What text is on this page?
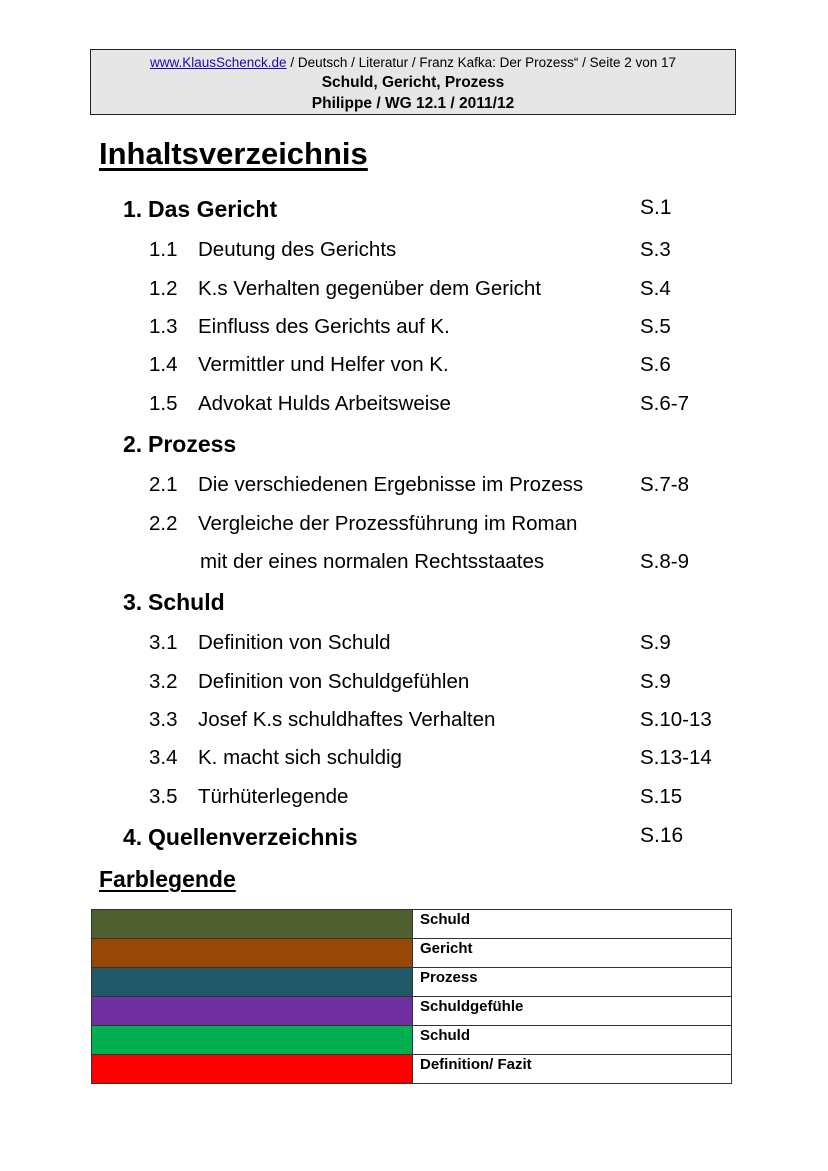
www.KlausSchenck.de / Deutsch / Literatur / Franz Kafka: Der Prozess“ / Seite 2 von 17
Schuld, Gericht, Prozess
Philippe / WG 12.1 / 2011/12
Inhaltsverzeichnis
1. Das Gericht	S.1
1.1 Deutung des Gerichts	S.3
1.2 K.s Verhalten gegenüber dem Gericht	S.4
1.3 Einfluss des Gerichts auf K.	S.5
1.4 Vermittler und Helfer von K.	S.6
1.5 Advokat Hulds Arbeitsweise	S.6-7
2. Prozess
2.1 Die verschiedenen Ergebnisse im Prozess	S.7-8
2.2 Vergleiche der Prozessführung im Roman
mit der eines normalen Rechtsstaates	S.8-9
3. Schuld
3.1 Definition von Schuld	S.9
3.2 Definition von Schuldgefühlen	S.9
3.3 Josef K.s schuldhaftes Verhalten	S.10-13
3.4 K. macht sich schuldig	S.13-14
3.5 Türhüterlegende	S.15
4. Quellenverzeichnis	S.16
Farblegende
	Schuld
	Gericht
	Prozess
	Schuldgefühle
	Schuld
	Definition/ Fazit
